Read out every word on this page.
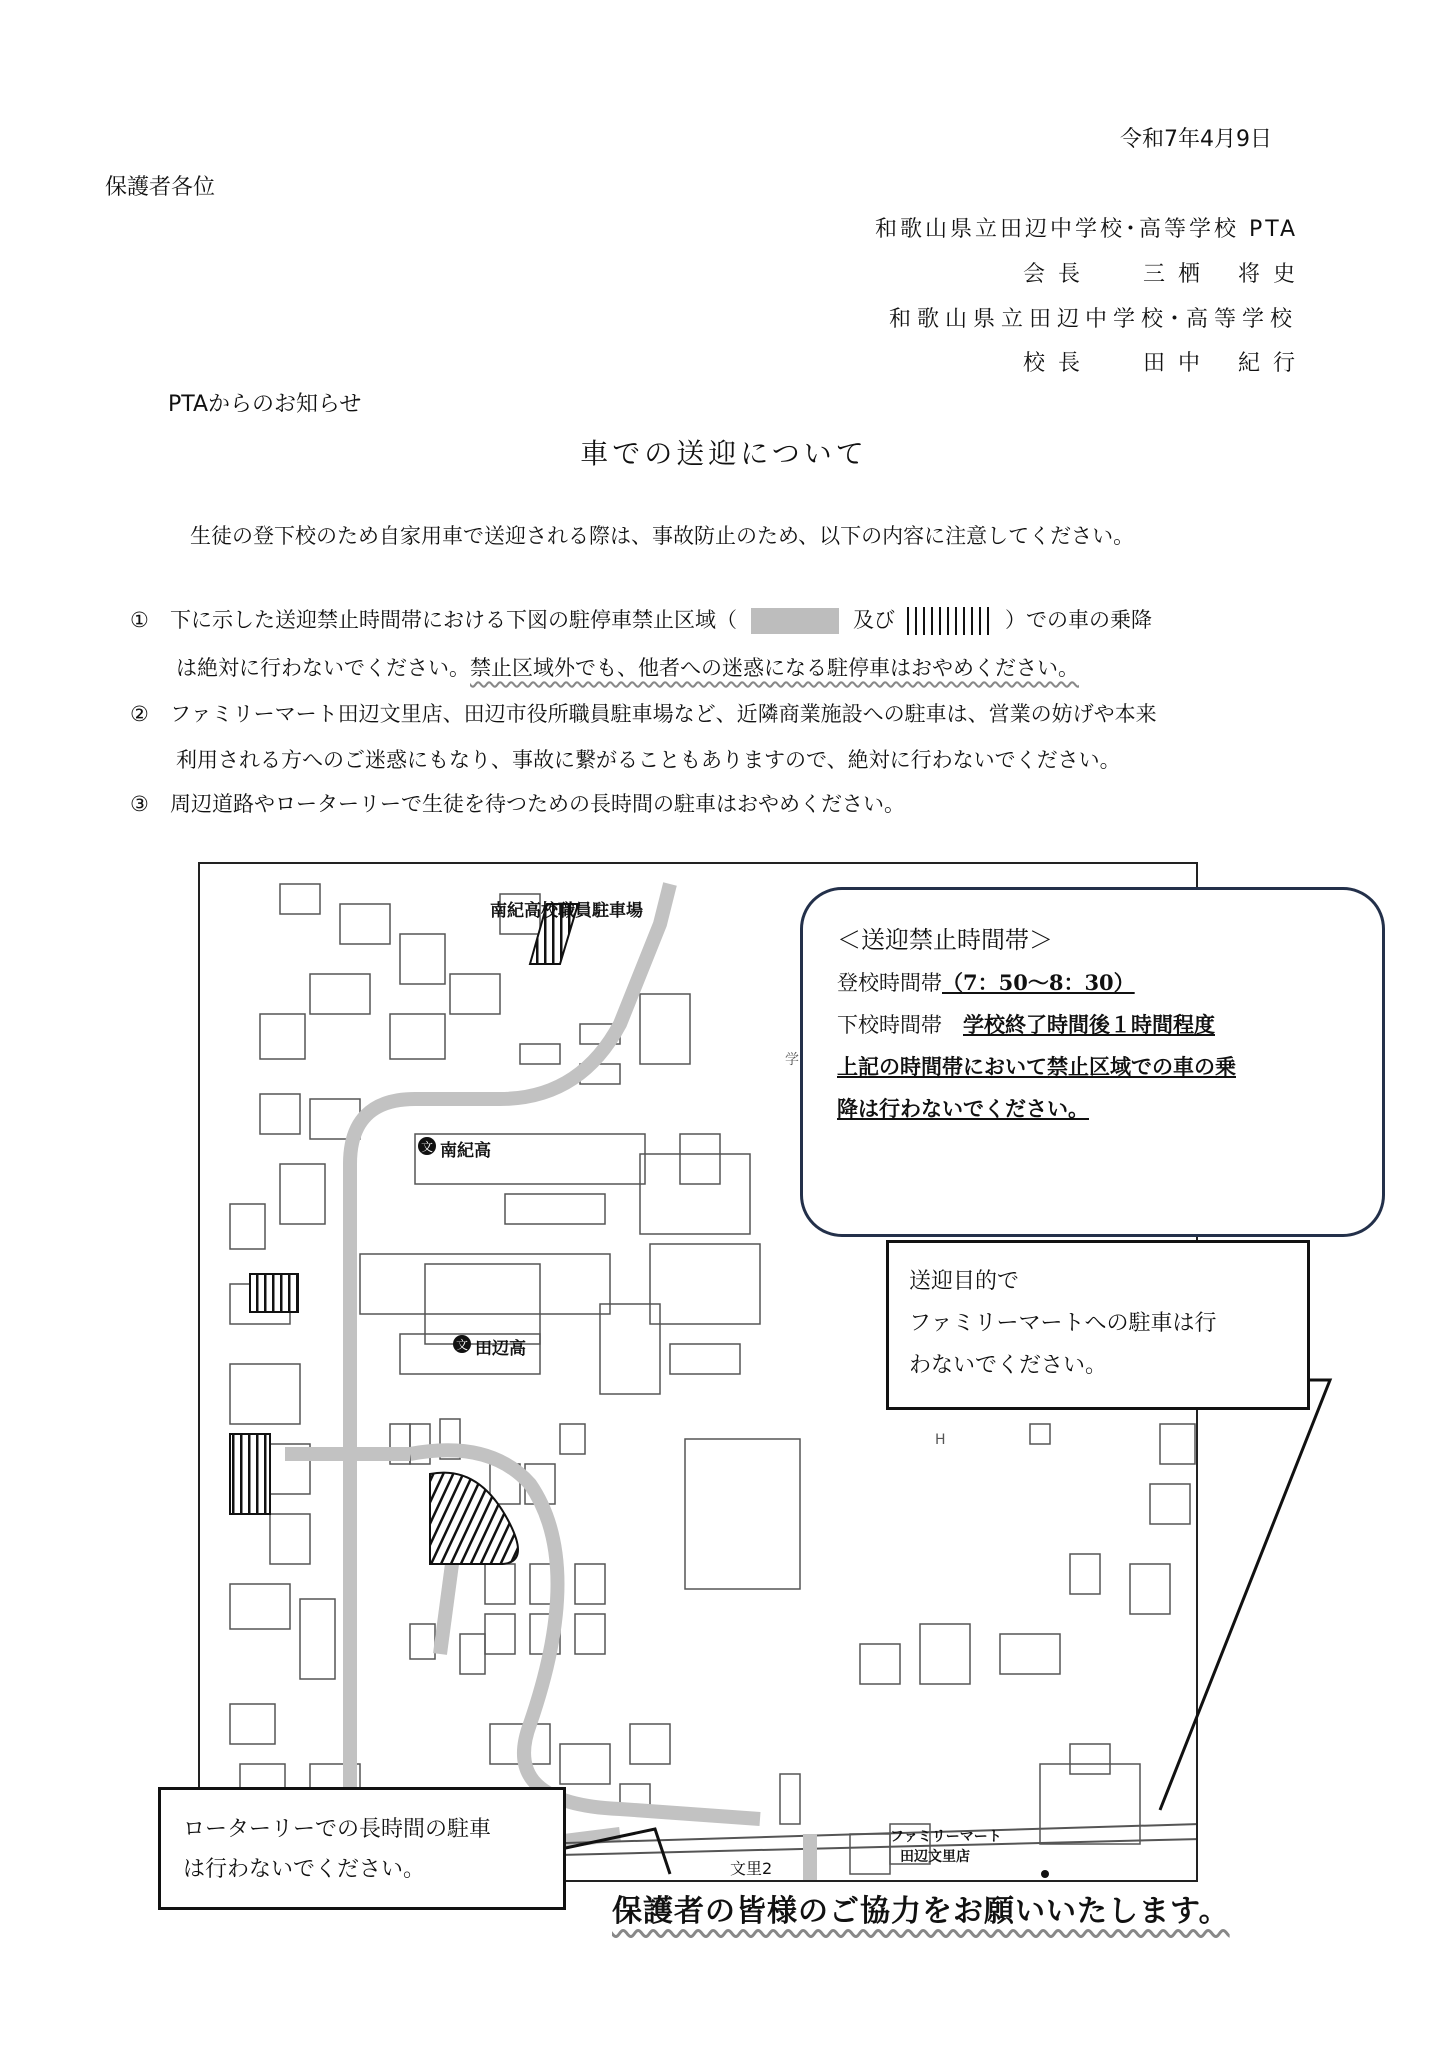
令和7年4月9日
保護者各位
和歌山県立田辺中学校･高等学校 PTA
会 長　　 三 栖　 将 史
和歌山県立田辺中学校･高等学校
校 長　　 田 中　 紀 行
PTAからのお知らせ
車での送迎について
生徒の登下校のため自家用車で送迎される際は、事故防止のため、以下の内容に注意してください。
① 下に示した送迎禁止時間帯における下図の駐停車禁止区域（	及び	）での車の乗降
は絶対に行わないでください。禁止区域外でも、他者への迷惑になる駐停車はおやめください。
② ファミリーマート田辺文里店、田辺市役所職員駐車場など、近隣商業施設への駐車は、営業の妨げや本来
利用される方へのご迷惑にもなり、事故に繋がることもありますので、絶対に行わないでください。
③ 周辺道路やローターリーで生徒を待つための長時間の駐車はおやめください。
文
文
南紀高校職員駐車場
南紀高
田辺高
文里2
ファミリーマート
田辺文里店
H
学
＜送迎禁止時間帯＞
登校時間帯（7：50～8：30）
下校時間帯　 学校終了時間後１時間程度
上記の時間帯において禁止区域での車の乗
降は行わないでください。
送迎目的で
ファミリーマートへの駐車は行
わないでください。
ローターリーでの長時間の駐車
は行わないでください。
保護者の皆様のご協力をお願いいたします。
